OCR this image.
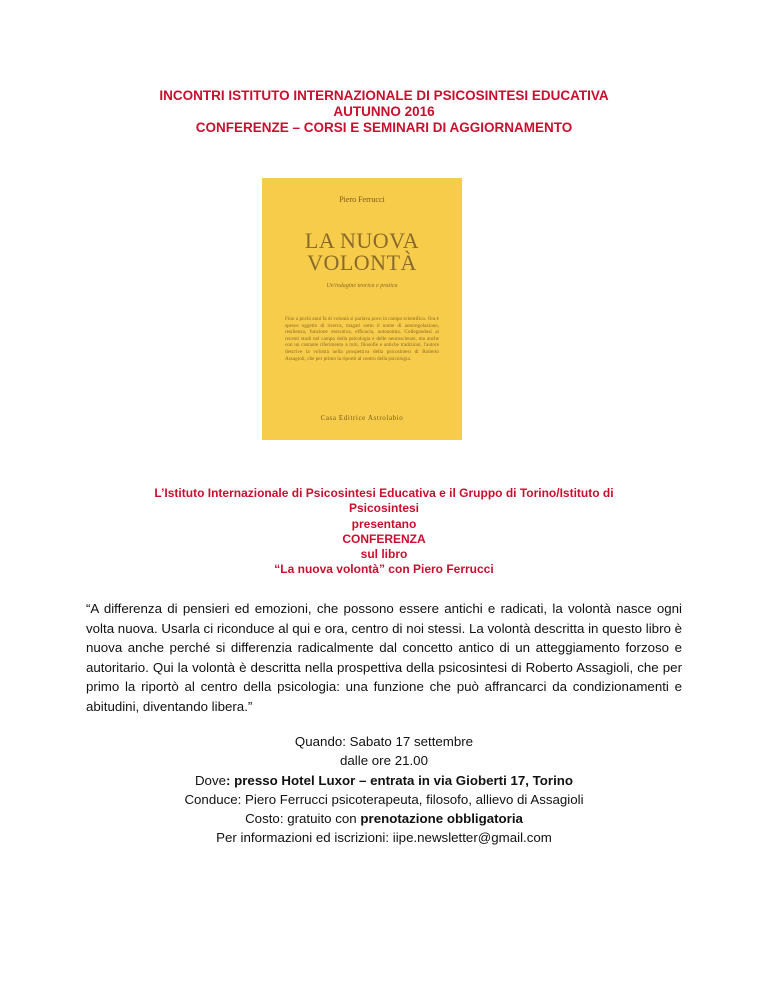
INCONTRI ISTITUTO INTERNAZIONALE DI PSICOSINTESI EDUCATIVA
AUTUNNO 2016
CONFERENZE – CORSI E SEMINARI DI AGGIORNAMENTO
Piero Ferrucci
LA NUOVA
VOLONTÀ
Un'indagine teorica e pratica
Fino a pochi anni fa di volontà si parlava poco in campo scientifico. Ora è spesso oggetto di ricerca, magari sotto il nome di autoregolazione, resilienza, funzione esecutiva, efficacia, autonomia. Collegandosi ai recenti studi nel campo della psicologia e delle neuroscienze, ma anche con un costante riferimento a miti, filosofie e antiche tradizioni, l'autore descrive la volontà nella prospettiva della psicosintesi di Roberto Assagioli, che per primo la riportò al centro della psicologia.
Casa Editrice Astrolabio
L’Istituto Internazionale di Psicosintesi Educativa e il Gruppo di Torino/Istituto di
Psicosintesi
presentano
CONFERENZA
sul libro
“La nuova volontà” con Piero Ferrucci
“A differenza di pensieri ed emozioni, che possono essere antichi e radicati, la volontà nasce ogni volta nuova. Usarla ci riconduce al qui e ora, centro di noi stessi. La volontà descritta in questo libro è nuova anche perché si differenzia radicalmente dal concetto antico di un atteggiamento forzoso e autoritario. Qui la volontà è descritta nella prospettiva della psicosintesi di Roberto Assagioli, che per primo la riportò al centro della psicologia: una funzione che può affrancarci da condizionamenti e abitudini, diventando libera.”
Quando: Sabato 17 settembre
dalle ore 21.00
Dove: presso Hotel Luxor – entrata in via Gioberti 17, Torino
Conduce: Piero Ferrucci psicoterapeuta, filosofo, allievo di Assagioli
Costo: gratuito con prenotazione obbligatoria
Per informazioni ed iscrizioni: iipe.newsletter@gmail.com
